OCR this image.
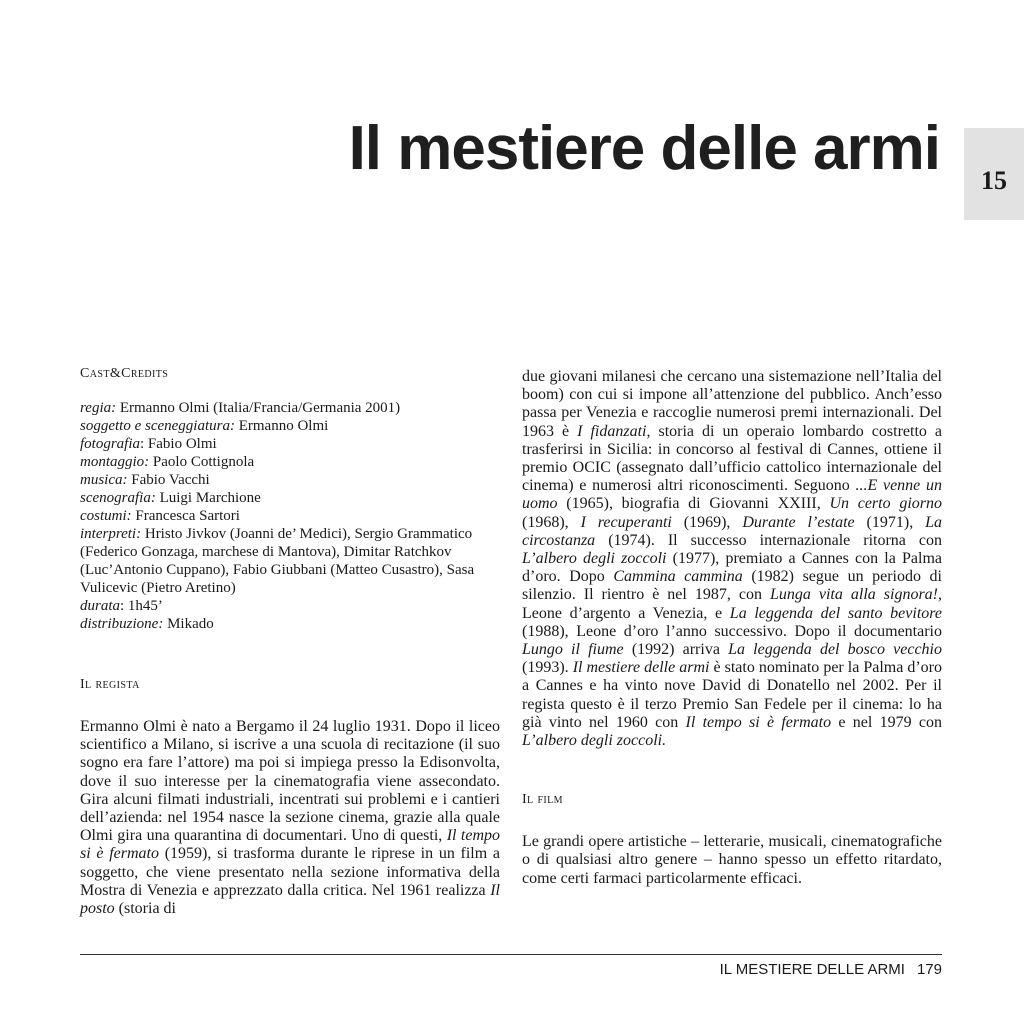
Il mestiere delle armi	15
Cast&Credits
regia: Ermanno Olmi (Italia/Francia/Germania 2001)
soggetto e sceneggiatura: Ermanno Olmi
fotografia: Fabio Olmi
montaggio: Paolo Cottignola
musica: Fabio Vacchi
scenografia: Luigi Marchione
costumi: Francesca Sartori
interpreti: Hristo Jivkov (Joanni de’ Medici), Sergio Grammatico (Federico Gonzaga, marchese di Mantova), Dimitar Ratchkov (Luc’Antonio Cuppano), Fabio Giubbani (Matteo Cusastro), Sasa Vulicevic (Pietro Aretino)
durata: 1h45’
distribuzione: Mikado
Il regista

Ermanno Olmi è nato a Bergamo il 24 luglio 1931. Dopo il liceo scientifico a Milano, si iscrive a una scuola di recitazione (il suo sogno era fare l’attore) ma poi si impiega presso la Edisonvolta, dove il suo interesse per la cinematografia viene assecondato. Gira alcuni filmati industriali, incentrati sui problemi e i cantieri dell’azienda: nel 1954 nasce la sezione cinema, grazie alla quale Olmi gira una quarantina di documentari. Uno di questi, Il tempo si è fermato (1959), si trasforma durante le riprese in un film a soggetto, che viene presentato nella sezione informativa della Mostra di Venezia e apprezzato dalla critica. Nel 1961 realizza Il posto (storia di

due giovani milanesi che cercano una sistemazione nell’Italia del boom) con cui si impone all’attenzione del pubblico. Anch’esso passa per Venezia e raccoglie numerosi premi internazionali. Del 1963 è I fidanzati, storia di un operaio lombardo costretto a trasferirsi in Sicilia: in concorso al festival di Cannes, ottiene il premio OCIC (assegnato dall’ufficio cattolico internazionale del cinema) e numerosi altri riconoscimenti. Seguono ...E venne un uomo (1965), biografia di Giovanni XXIII, Un certo giorno (1968), I recuperanti (1969), Durante l’estate (1971), La circostanza (1974). Il successo internazionale ritorna con L’albero degli zoccoli (1977), premiato a Cannes con la Palma d’oro. Dopo Cammina cammina (1982) segue un periodo di silenzio. Il rientro è nel 1987, con Lunga vita alla signora!, Leone d’argento a Venezia, e La leggenda del santo bevitore (1988), Leone d’oro l’anno successivo. Dopo il documentario Lungo il fiume (1992) arriva La leggenda del bosco vecchio (1993). Il mestiere delle armi è stato nominato per la Palma d’oro a Cannes e ha vinto nove David di Donatello nel 2002. Per il regista questo è il terzo Premio San Fedele per il cinema: lo ha già vinto nel 1960 con Il tempo si è fermato e nel 1979 con L’albero degli zoccoli.

Il film

Le grandi opere artistiche – letterarie, musicali, cinematografiche o di qualsiasi altro genere – hanno spesso un effetto ritardato, come certi farmaci particolarmente efficaci.

IL MESTIERE DELLE ARMI 179
